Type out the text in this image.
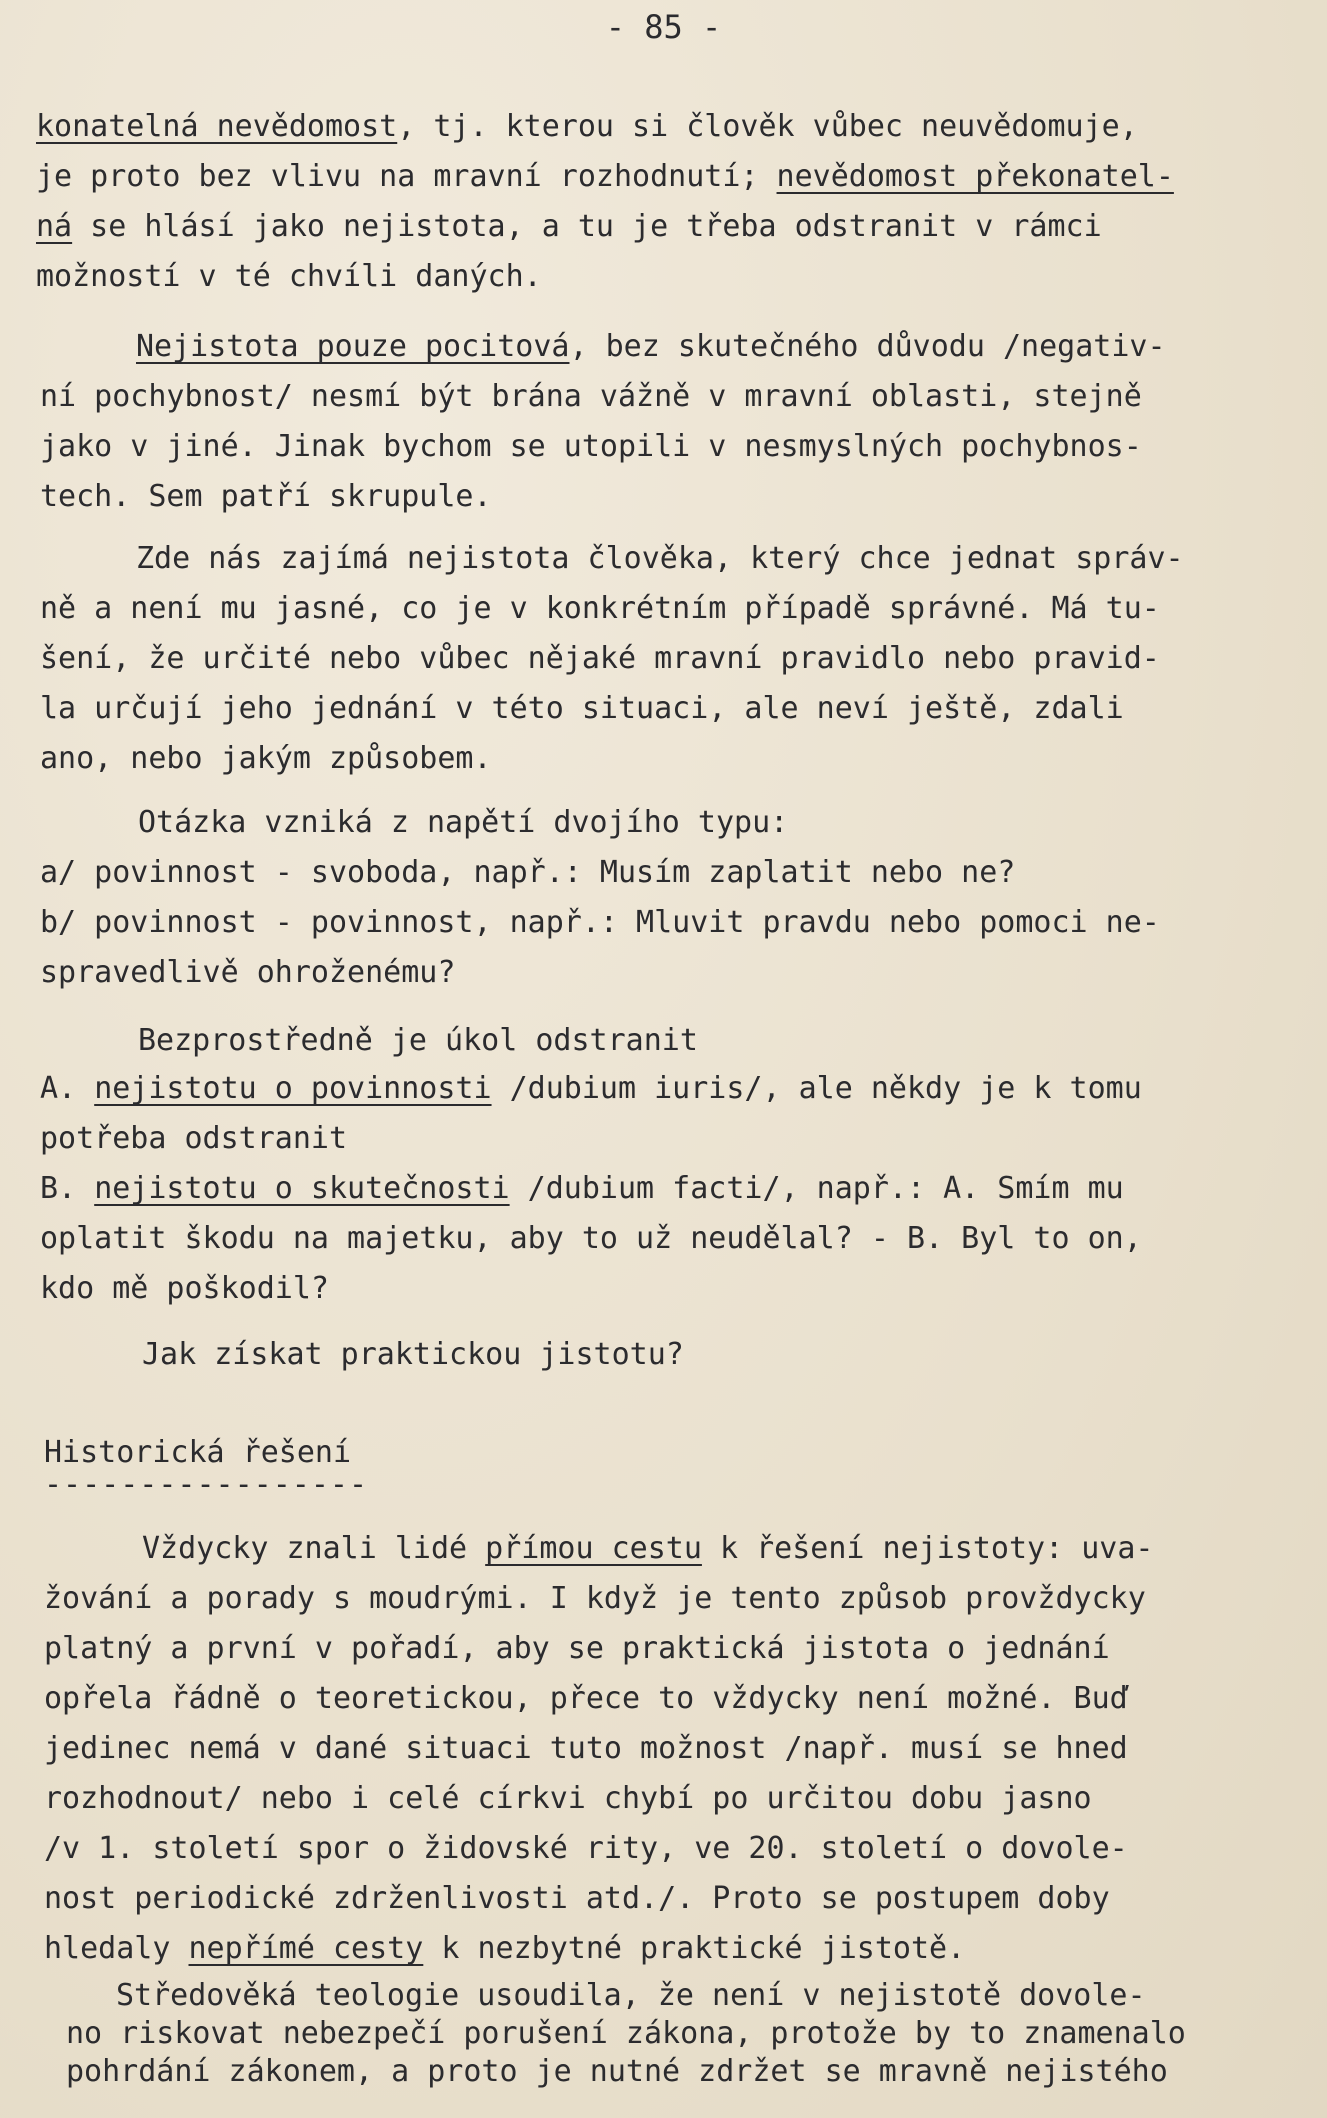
- 85 -
konatelná nevědomost, tj. kterou si člověk vůbec neuvědomuje,
je proto bez vlivu na mravní rozhodnutí; nevědomost překonatel-
ná se hlásí jako nejistota, a tu je třeba odstranit v rámci
možností v té chvíli daných.
Nejistota pouze pocitová, bez skutečného důvodu /negativ-
ní pochybnost/ nesmí být brána vážně v mravní oblasti, stejně
jako v jiné. Jinak bychom se utopili v nesmyslných pochybnos-
tech. Sem patří skrupule.
Zde nás zajímá nejistota člověka, který chce jednat správ-
ně a není mu jasné, co je v konkrétním případě správné. Má tu-
šení, že určité nebo vůbec nějaké mravní pravidlo nebo pravid-
la určují jeho jednání v této situaci, ale neví ještě, zdali
ano, nebo jakým způsobem.
Otázka vzniká z napětí dvojího typu:
a/ povinnost - svoboda, např.: Musím zaplatit nebo ne?
b/ povinnost - povinnost, např.: Mluvit pravdu nebo pomoci ne-
spravedlivě ohroženému?
Bezprostředně je úkol odstranit
A. nejistotu o povinnosti /dubium iuris/, ale někdy je k tomu
potřeba odstranit
B. nejistotu o skutečnosti /dubium facti/, např.: A. Smím mu
oplatit škodu na majetku, aby to už neudělal? - B. Byl to on,
kdo mě poškodil?
Jak získat praktickou jistotu?
Historická řešení
-----------------
Vždycky znali lidé přímou cestu k řešení nejistoty: uva-
žování a porady s moudrými. I když je tento způsob provždycky
platný a první v pořadí, aby se praktická jistota o jednání
opřela řádně o teoretickou, přece to vždycky není možné. Buď
jedinec nemá v dané situaci tuto možnost /např. musí se hned
rozhodnout/ nebo i celé církvi chybí po určitou dobu jasno
/v 1. století spor o židovské rity, ve 20. století o dovole-
nost periodické zdrženlivosti atd./. Proto se postupem doby
hledaly nepřímé cesty k nezbytné praktické jistotě.
Středověká teologie usoudila, že není v nejistotě dovole-
no riskovat nebezpečí porušení zákona, protože by to znamenalo
pohrdání zákonem, a proto je nutné zdržet se mravně nejistého
